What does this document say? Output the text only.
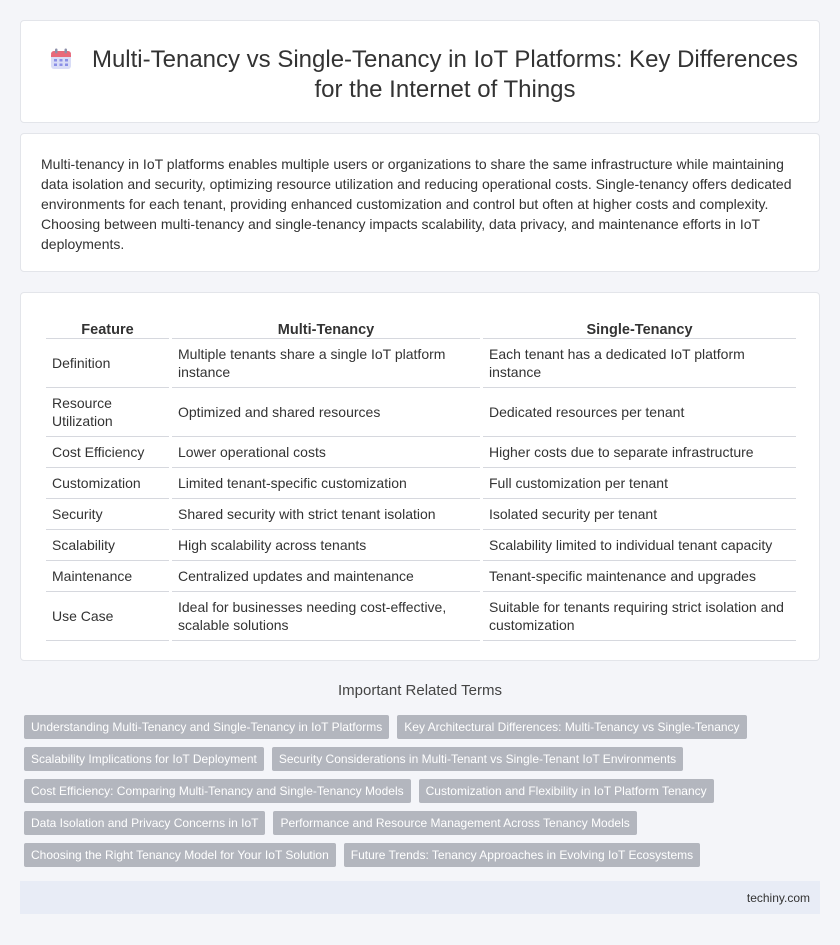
Multi-Tenancy vs Single-Tenancy in IoT Platforms: Key Differences for the Internet of Things

Multi-tenancy in IoT platforms enables multiple users or organizations to share the same infrastructure while maintaining data isolation and security, optimizing resource utilization and reducing operational costs. Single-tenancy offers dedicated environments for each tenant, providing enhanced customization and control but often at higher costs and complexity. Choosing between multi-tenancy and single-tenancy impacts scalability, data privacy, and maintenance efforts in IoT deployments.

Feature	Multi-Tenancy	Single-Tenancy
Definition	Multiple tenants share a single IoT platform instance	Each tenant has a dedicated IoT platform instance
Resource Utilization	Optimized and shared resources	Dedicated resources per tenant
Cost Efficiency	Lower operational costs	Higher costs due to separate infrastructure
Customization	Limited tenant-specific customization	Full customization per tenant
Security	Shared security with strict tenant isolation	Isolated security per tenant
Scalability	High scalability across tenants	Scalability limited to individual tenant capacity
Maintenance	Centralized updates and maintenance	Tenant-specific maintenance and upgrades
Use Case	Ideal for businesses needing cost-effective, scalable solutions	Suitable for tenants requiring strict isolation and customization
Important Related Terms
Understanding Multi-Tenancy and Single-Tenancy in IoT Platforms	Key Architectural Differences: Multi-Tenancy vs Single-Tenancy
Scalability Implications for IoT Deployment	Security Considerations in Multi-Tenant vs Single-Tenant IoT Environments
Cost Efficiency: Comparing Multi-Tenancy and Single-Tenancy Models	Customization and Flexibility in IoT Platform Tenancy
Data Isolation and Privacy Concerns in IoT	Performance and Resource Management Across Tenancy Models
Choosing the Right Tenancy Model for Your IoT Solution	Future Trends: Tenancy Approaches in Evolving IoT Ecosystems
techiny.com
